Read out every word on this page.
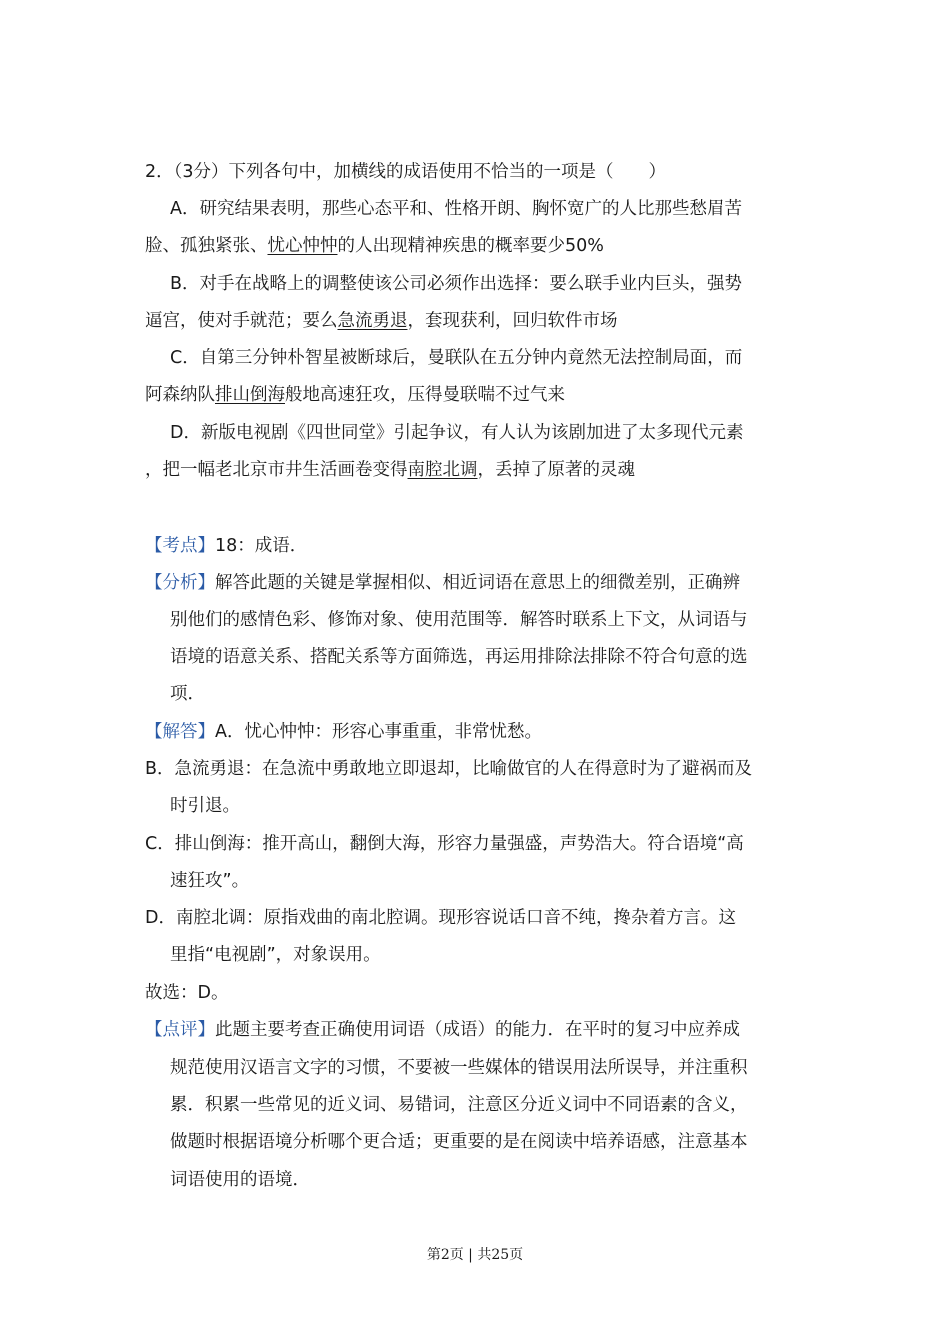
2．（3分）下列各句中，加横线的成语使用不恰当的一项是（　　）
A．研究结果表明，那些心态平和、性格开朗、胸怀宽广的人比那些愁眉苦
脸、孤独紧张、忧心忡忡的人出现精神疾患的概率要少50%
B．对手在战略上的调整使该公司必须作出选择：要么联手业内巨头，强势
逼宫，使对手就范；要么急流勇退，套现获利，回归软件市场
C．自第三分钟朴智星被断球后，曼联队在五分钟内竟然无法控制局面，而
阿森纳队排山倒海般地高速狂攻，压得曼联喘不过气来
D．新版电视剧《四世同堂》引起争议，有人认为该剧加进了太多现代元素
，把一幅老北京市井生活画卷变得南腔北调，丢掉了原著的灵魂
【考点】18：成语．
【分析】解答此题的关键是掌握相似、相近词语在意思上的细微差别，正确辨
别他们的感情色彩、修饰对象、使用范围等．解答时联系上下文，从词语与
语境的语意关系、搭配关系等方面筛选，再运用排除法排除不符合句意的选
项．
【解答】A．忧心忡忡：形容心事重重，非常忧愁。
B．急流勇退：在急流中勇敢地立即退却，比喻做官的人在得意时为了避祸而及
时引退。
C．排山倒海：推开高山，翻倒大海，形容力量强盛，声势浩大。符合语境“高
速狂攻”。
D．南腔北调：原指戏曲的南北腔调。现形容说话口音不纯，搀杂着方言。这
里指“电视剧”，对象误用。
故选：D。
【点评】此题主要考查正确使用词语（成语）的能力．在平时的复习中应养成
规范使用汉语言文字的习惯，不要被一些媒体的错误用法所误导，并注重积
累．积累一些常见的近义词、易错词，注意区分近义词中不同语素的含义，
做题时根据语境分析哪个更合适；更重要的是在阅读中培养语感，注意基本
词语使用的语境．
第2页 | 共25页
